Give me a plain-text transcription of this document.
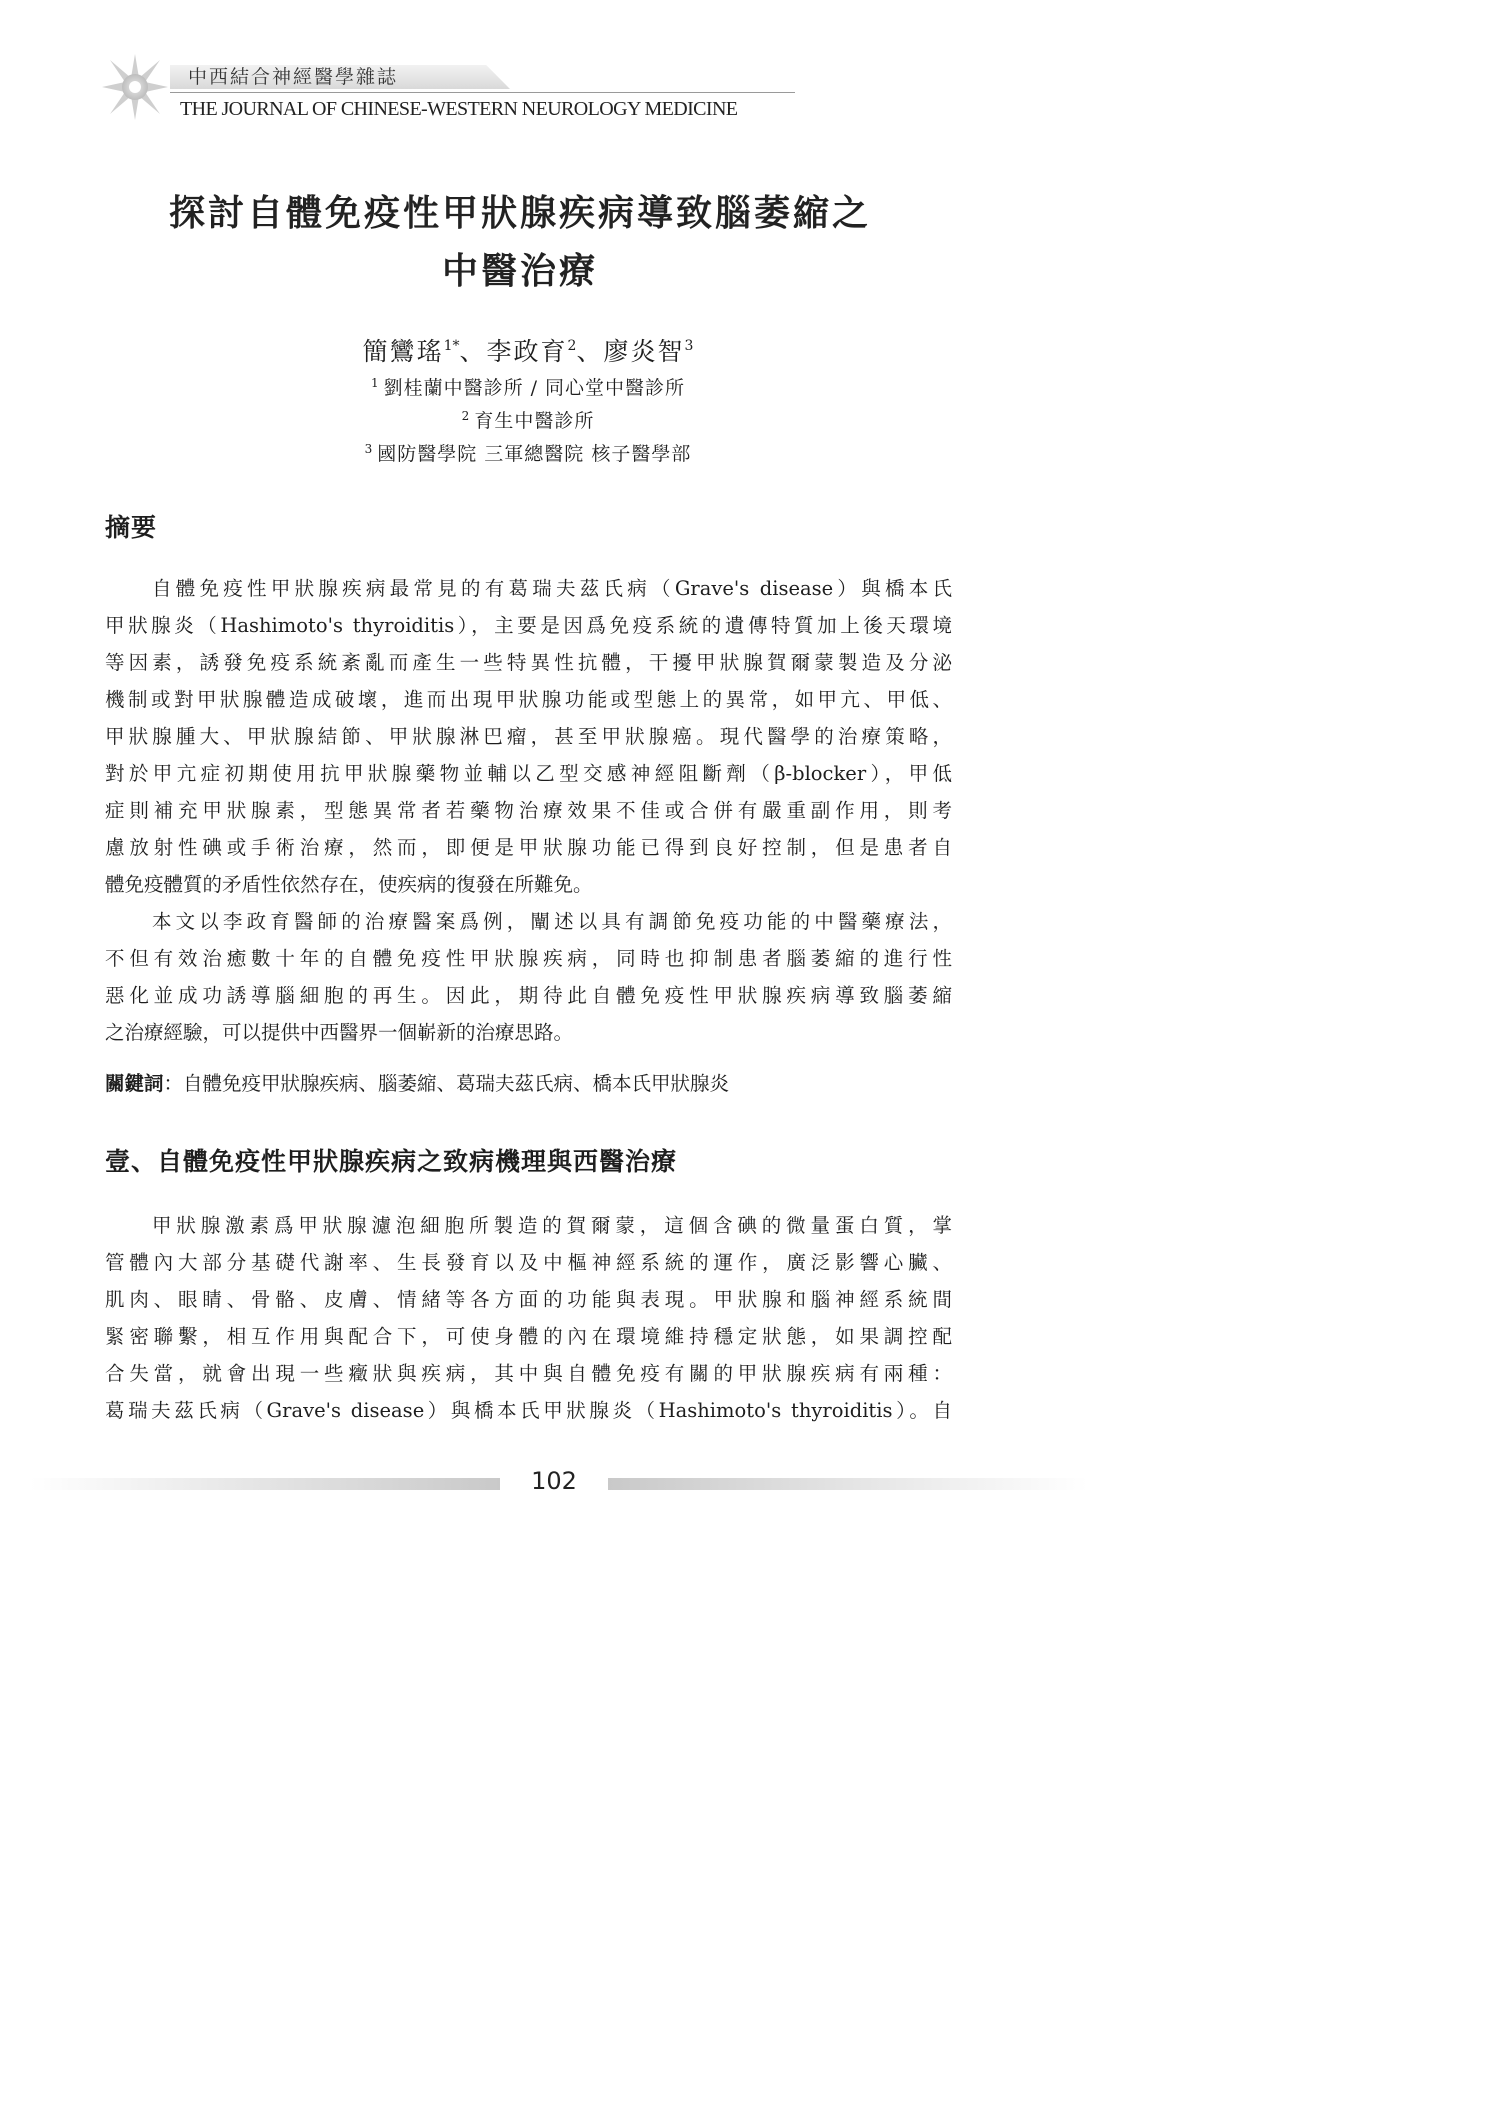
中西結合神經醫學雜誌
THE JOURNAL OF CHINESE-WESTERN NEUROLOGY MEDICINE
探討自體免疫性甲狀腺疾病導致腦萎縮之
中醫治療
簡鸞瑤$^{1*}$、李政育$^2$、廖炎智$^3$
$^1$ 劉桂蘭中醫診所 / 同心堂中醫診所
$^2$ 育生中醫診所
$^3$ 國防醫學院 三軍總醫院 核子醫學部
摘要
自體免疫性甲狀腺疾病最常見的有葛瑞夫茲氏病（Grave's disease）與橋本氏
甲狀腺炎（Hashimoto's thyroiditis），主要是因爲免疫系統的遺傳特質加上後天環境
等因素，誘發免疫系統紊亂而產生一些特異性抗體，干擾甲狀腺賀爾蒙製造及分泌
機制或對甲狀腺體造成破壞，進而出現甲狀腺功能或型態上的異常，如甲亢、甲低、
甲狀腺腫大、甲狀腺結節、甲狀腺淋巴瘤，甚至甲狀腺癌。現代醫學的治療策略，
對於甲亢症初期使用抗甲狀腺藥物並輔以乙型交感神經阻斷劑（β-blocker），甲低
症則補充甲狀腺素，型態異常者若藥物治療效果不佳或合併有嚴重副作用，則考
慮放射性碘或手術治療，然而，即便是甲狀腺功能已得到良好控制，但是患者自
體免疫體質的矛盾性依然存在，使疾病的復發在所難免。
本文以李政育醫師的治療醫案爲例，闡述以具有調節免疫功能的中醫藥療法，
不但有效治癒數十年的自體免疫性甲狀腺疾病，同時也抑制患者腦萎縮的進行性
惡化並成功誘導腦細胞的再生。因此，期待此自體免疫性甲狀腺疾病導致腦萎縮
之治療經驗，可以提供中西醫界一個嶄新的治療思路。
關鍵詞：自體免疫甲狀腺疾病、腦萎縮、葛瑞夫茲氏病、橋本氏甲狀腺炎
壹、自體免疫性甲狀腺疾病之致病機理與西醫治療
甲狀腺激素爲甲狀腺濾泡細胞所製造的賀爾蒙，這個含碘的微量蛋白質，掌
管體內大部分基礎代謝率、生長發育以及中樞神經系統的運作，廣泛影響心臟、
肌肉、眼睛、骨骼、皮膚、情緒等各方面的功能與表現。甲狀腺和腦神經系統間
緊密聯繫，相互作用與配合下，可使身體的內在環境維持穩定狀態，如果調控配
合失當，就會出現一些癥狀與疾病，其中與自體免疫有關的甲狀腺疾病有兩種：
葛瑞夫茲氏病（Grave's disease）與橋本氏甲狀腺炎（Hashimoto's thyroiditis）。自
102
